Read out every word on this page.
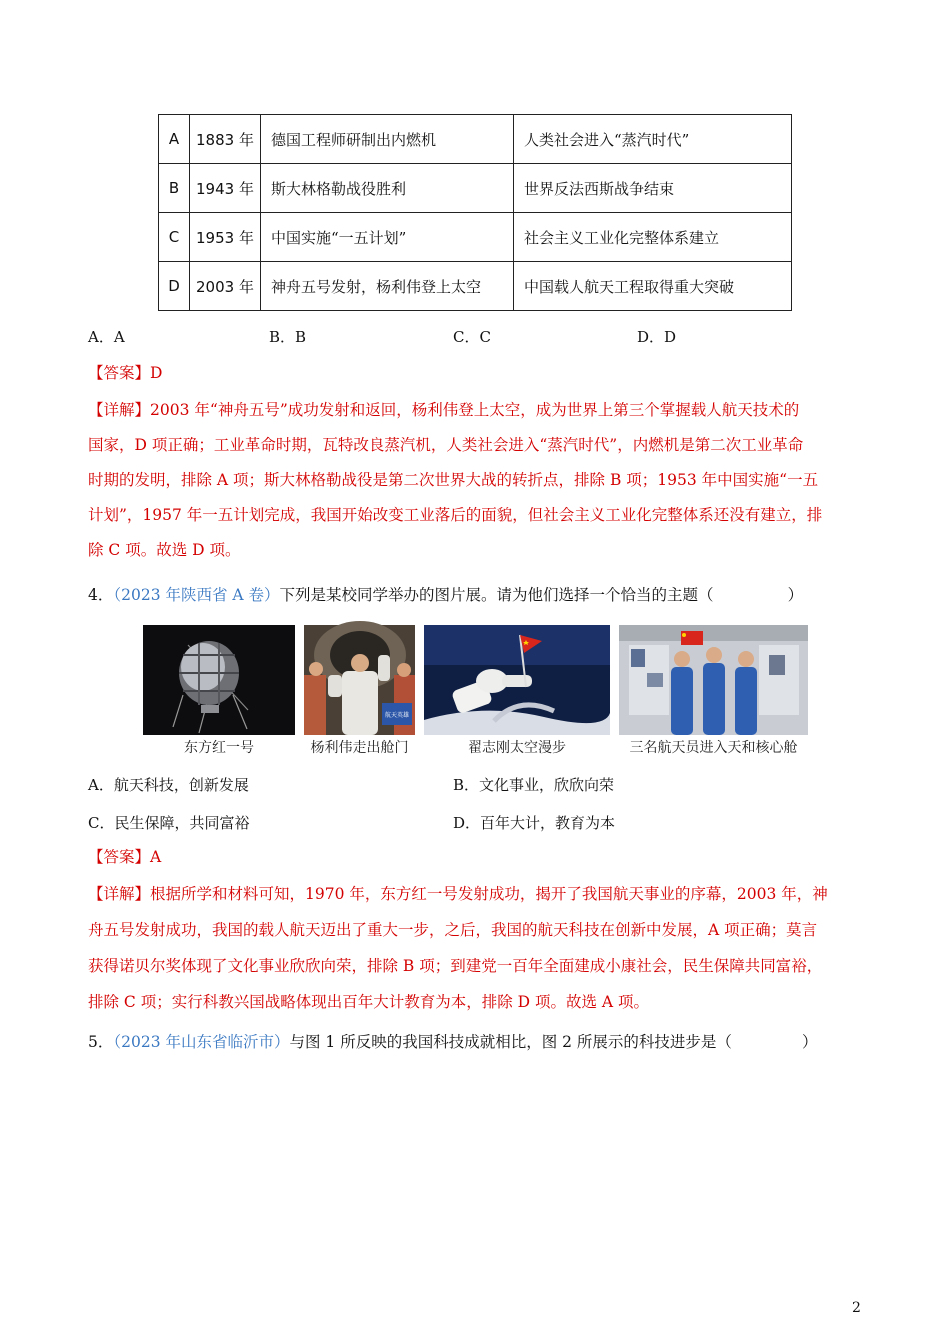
A	1883 年	德国工程师研制出内燃机	人类社会进入“蒸汽时代”
B	1943 年	斯大林格勒战役胜利	世界反法西斯战争结束
C	1953 年	中国实施“一五计划”	社会主义工业化完整体系建立
D	2003 年	神舟五号发射，杨利伟登上太空	中国载人航天工程取得重大突破
A．A	B．B	C．C	D．D
【答案】D
【详解】2003 年“神舟五号”成功发射和返回，杨利伟登上太空，成为世界上第三个掌握载人航天技术的
国家，D 项正确；工业革命时期，瓦特改良蒸汽机，人类社会进入“蒸汽时代”，内燃机是第二次工业革命
时期的发明，排除 A 项；斯大林格勒战役是第二次世界大战的转折点，排除 B 项；1953 年中国实施“一五
计划”，1957 年一五计划完成，我国开始改变工业落后的面貌，但社会主义工业化完整体系还没有建立，排
除 C 项。故选 D 项。
4．（2023 年陕西省 A 卷）下列是某校同学举办的图片展。请为他们选择一个恰当的主题（	）
东方红一号
航天英雄
杨利伟走出舱门	翟志刚太空漫步	三名航天员进入天和核心舱
A．航天科技，创新发展	B．文化事业，欣欣向荣
C．民生保障，共同富裕	D．百年大计，教育为本
【答案】A
【详解】根据所学和材料可知，1970 年，东方红一号发射成功，揭开了我国航天事业的序幕，2003 年，神
舟五号发射成功，我国的载人航天迈出了重大一步，之后，我国的航天科技在创新中发展，A 项正确；莫言
获得诺贝尔奖体现了文化事业欣欣向荣，排除 B 项；到建党一百年全面建成小康社会，民生保障共同富裕，
排除 C 项；实行科教兴国战略体现出百年大计教育为本，排除 D 项。故选 A 项。
5．（2023 年山东省临沂市）与图 1 所反映的我国科技成就相比，图 2 所展示的科技进步是（	）
2
